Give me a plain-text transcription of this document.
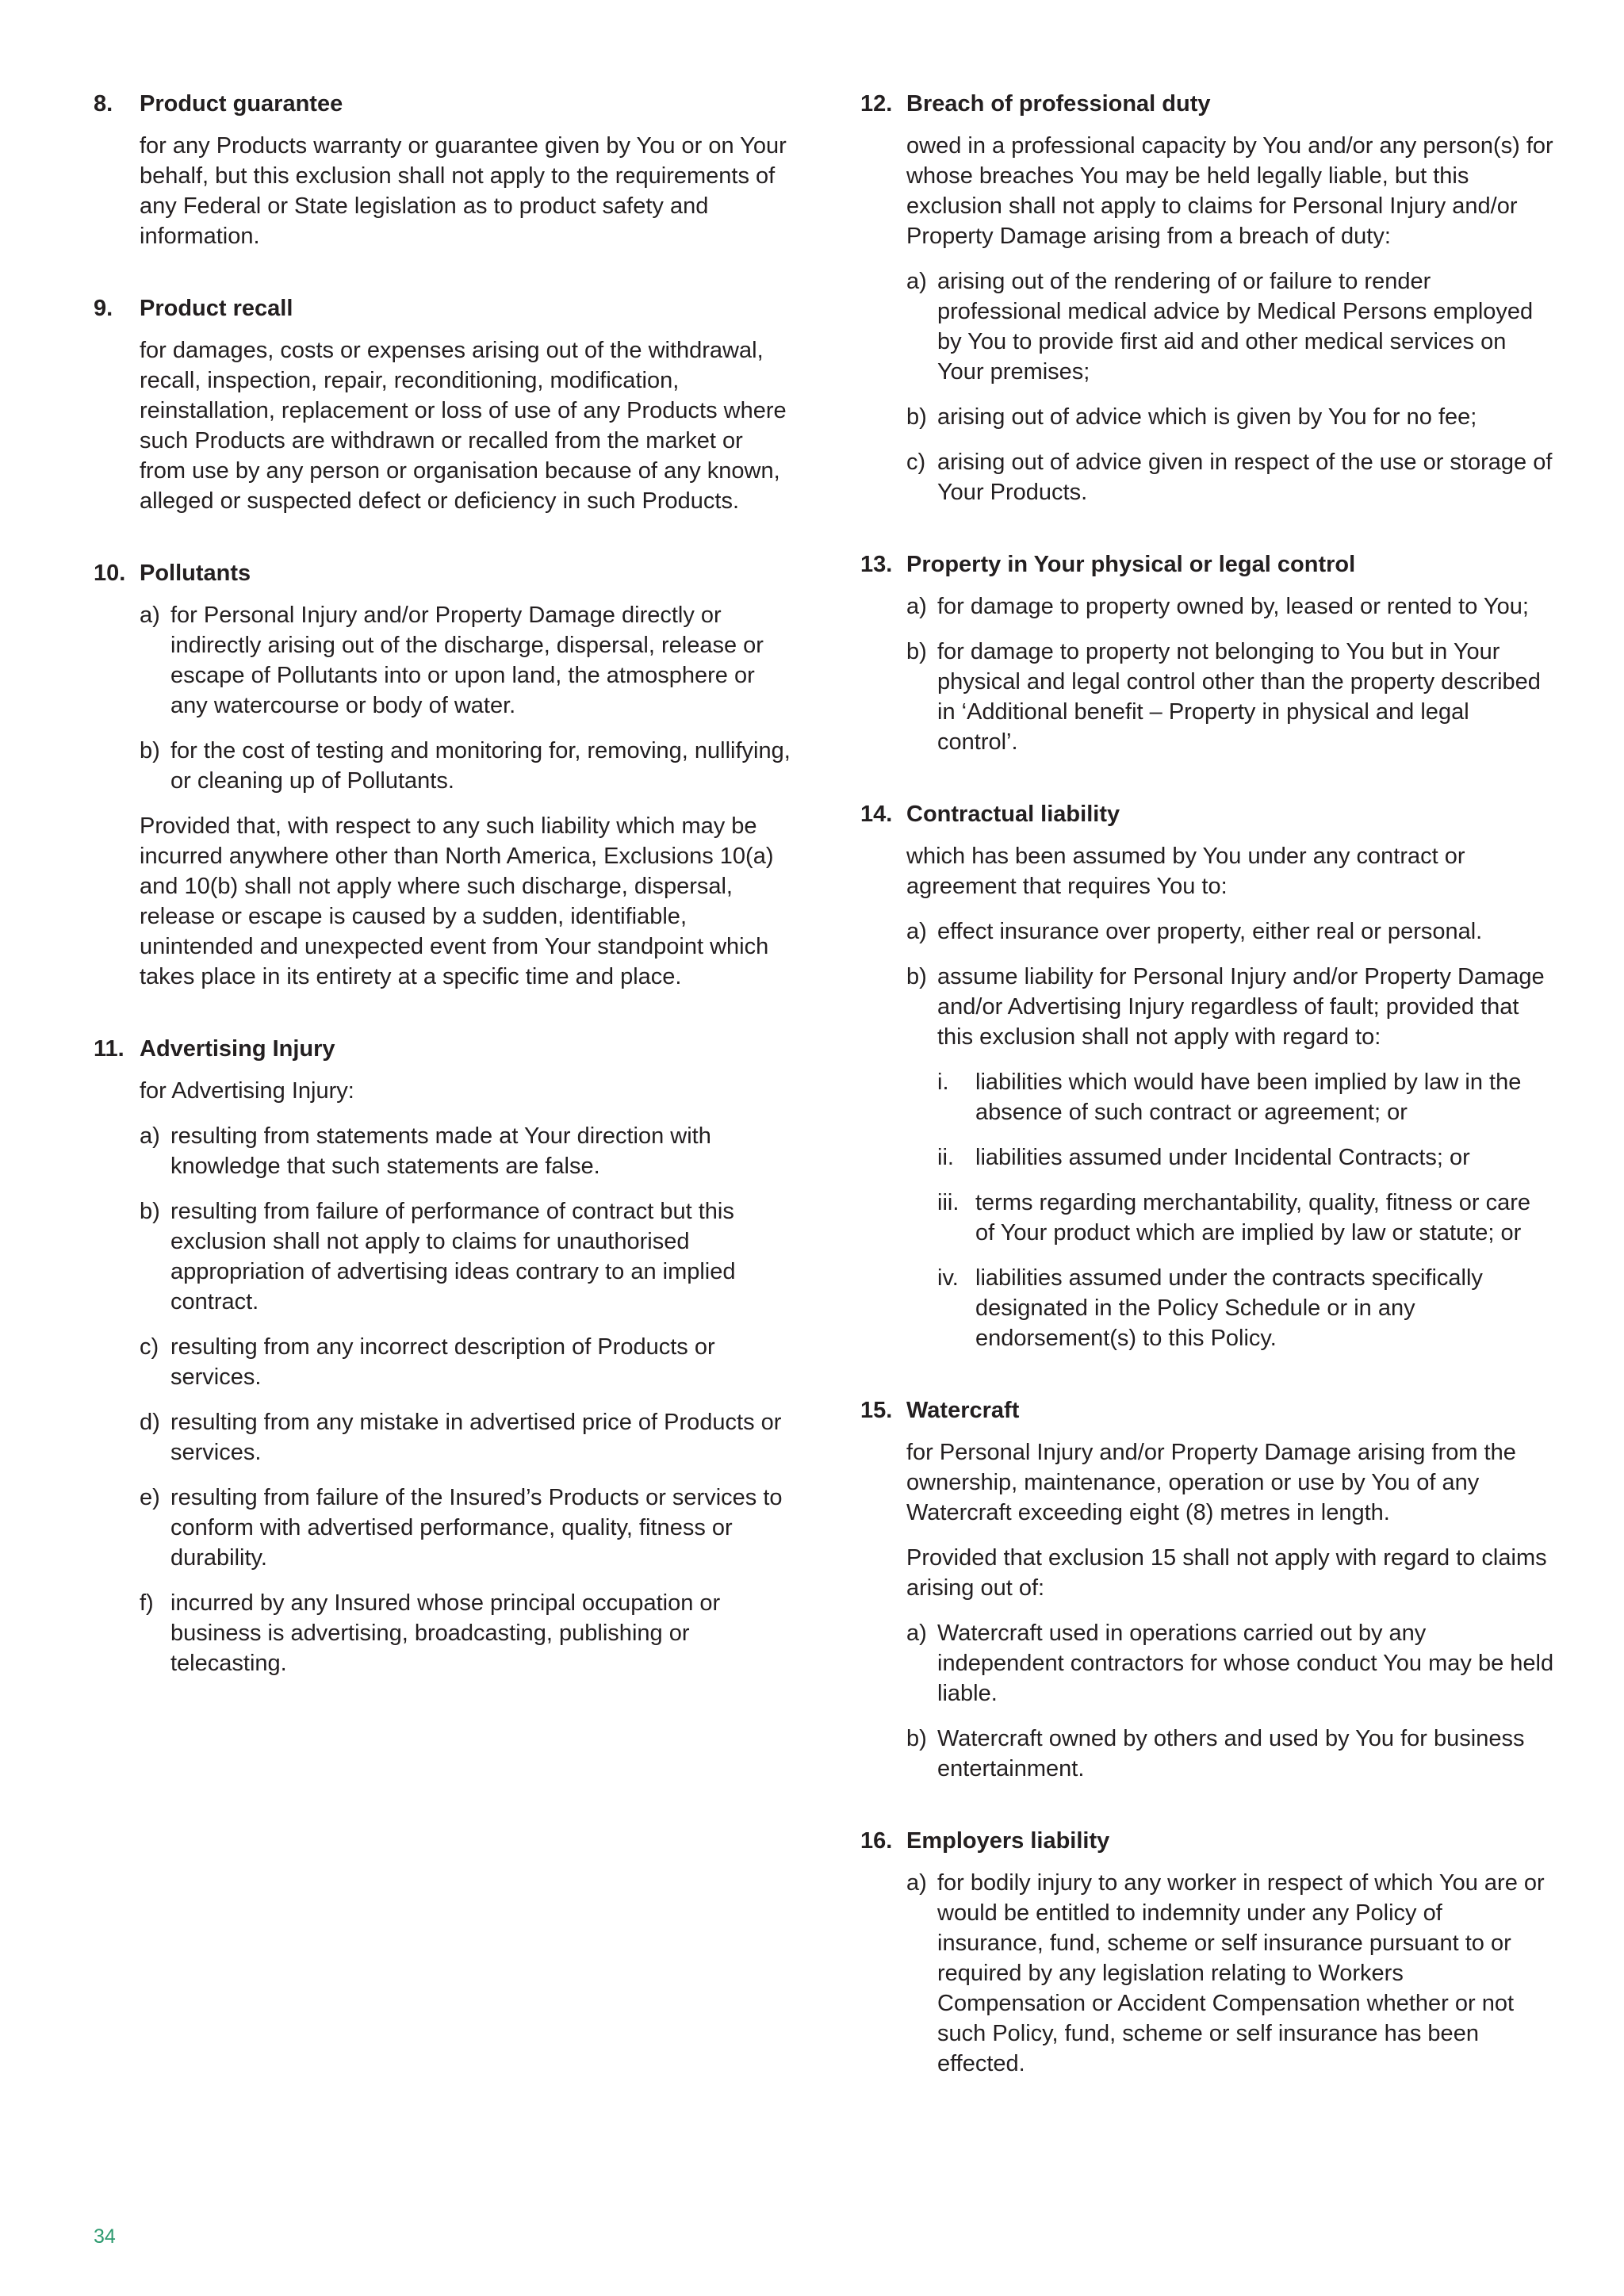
8. Product guarantee
for any Products warranty or guarantee given by You or on Your behalf, but this exclusion shall not apply to the requirements of any Federal or State legislation as to product safety and information.
9. Product recall
for damages, costs or expenses arising out of the withdrawal, recall, inspection, repair, reconditioning, modification, reinstallation, replacement or loss of use of any Products where such Products are withdrawn or recalled from the market or from use by any person or organisation because of any known, alleged or suspected defect or deficiency in such Products.
10. Pollutants
a) for Personal Injury and/or Property Damage directly or indirectly arising out of the discharge, dispersal, release or escape of Pollutants into or upon land, the atmosphere or any watercourse or body of water.
b) for the cost of testing and monitoring for, removing, nullifying, or cleaning up of Pollutants.
Provided that, with respect to any such liability which may be incurred anywhere other than North America, Exclusions 10(a) and 10(b) shall not apply where such discharge, dispersal, release or escape is caused by a sudden, identifiable, unintended and unexpected event from Your standpoint which takes place in its entirety at a specific time and place.
11. Advertising Injury
for Advertising Injury:
a) resulting from statements made at Your direction with knowledge that such statements are false.
b) resulting from failure of performance of contract but this exclusion shall not apply to claims for unauthorised appropriation of advertising ideas contrary to an implied contract.
c) resulting from any incorrect description of Products or services.
d) resulting from any mistake in advertised price of Products or services.
e) resulting from failure of the Insured’s Products or services to conform with advertised performance, quality, fitness or durability.
f) incurred by any Insured whose principal occupation or business is advertising, broadcasting, publishing or telecasting.
12. Breach of professional duty
owed in a professional capacity by You and/or any person(s) for whose breaches You may be held legally liable, but this exclusion shall not apply to claims for Personal Injury and/or Property Damage arising from a breach of duty:
a) arising out of the rendering of or failure to render professional medical advice by Medical Persons employed by You to provide first aid and other medical services on Your premises;
b) arising out of advice which is given by You for no fee;
c) arising out of advice given in respect of the use or storage of Your Products.
13. Property in Your physical or legal control
a) for damage to property owned by, leased or rented to You;
b) for damage to property not belonging to You but in Your physical and legal control other than the property described in ‘Additional benefit – Property in physical and legal control’.
14. Contractual liability
which has been assumed by You under any contract or agreement that requires You to:
a) effect insurance over property, either real or personal.
b) assume liability for Personal Injury and/or Property Damage and/or Advertising Injury regardless of fault; provided that this exclusion shall not apply with regard to:
i. liabilities which would have been implied by law in the absence of such contract or agreement; or
ii. liabilities assumed under Incidental Contracts; or
iii. terms regarding merchantability, quality, fitness or care of Your product which are implied by law or statute; or
iv. liabilities assumed under the contracts specifically designated in the Policy Schedule or in any endorsement(s) to this Policy.
15. Watercraft
for Personal Injury and/or Property Damage arising from the ownership, maintenance, operation or use by You of any Watercraft exceeding eight (8) metres in length.
Provided that exclusion 15 shall not apply with regard to claims arising out of:
a) Watercraft used in operations carried out by any independent contractors for whose conduct You may be held liable.
b) Watercraft owned by others and used by You for business entertainment.
16. Employers liability
a) for bodily injury to any worker in respect of which You are or would be entitled to indemnity under any Policy of insurance, fund, scheme or self insurance pursuant to or required by any legislation relating to Workers Compensation or Accident Compensation whether or not such Policy, fund, scheme or self insurance has been effected.
34
